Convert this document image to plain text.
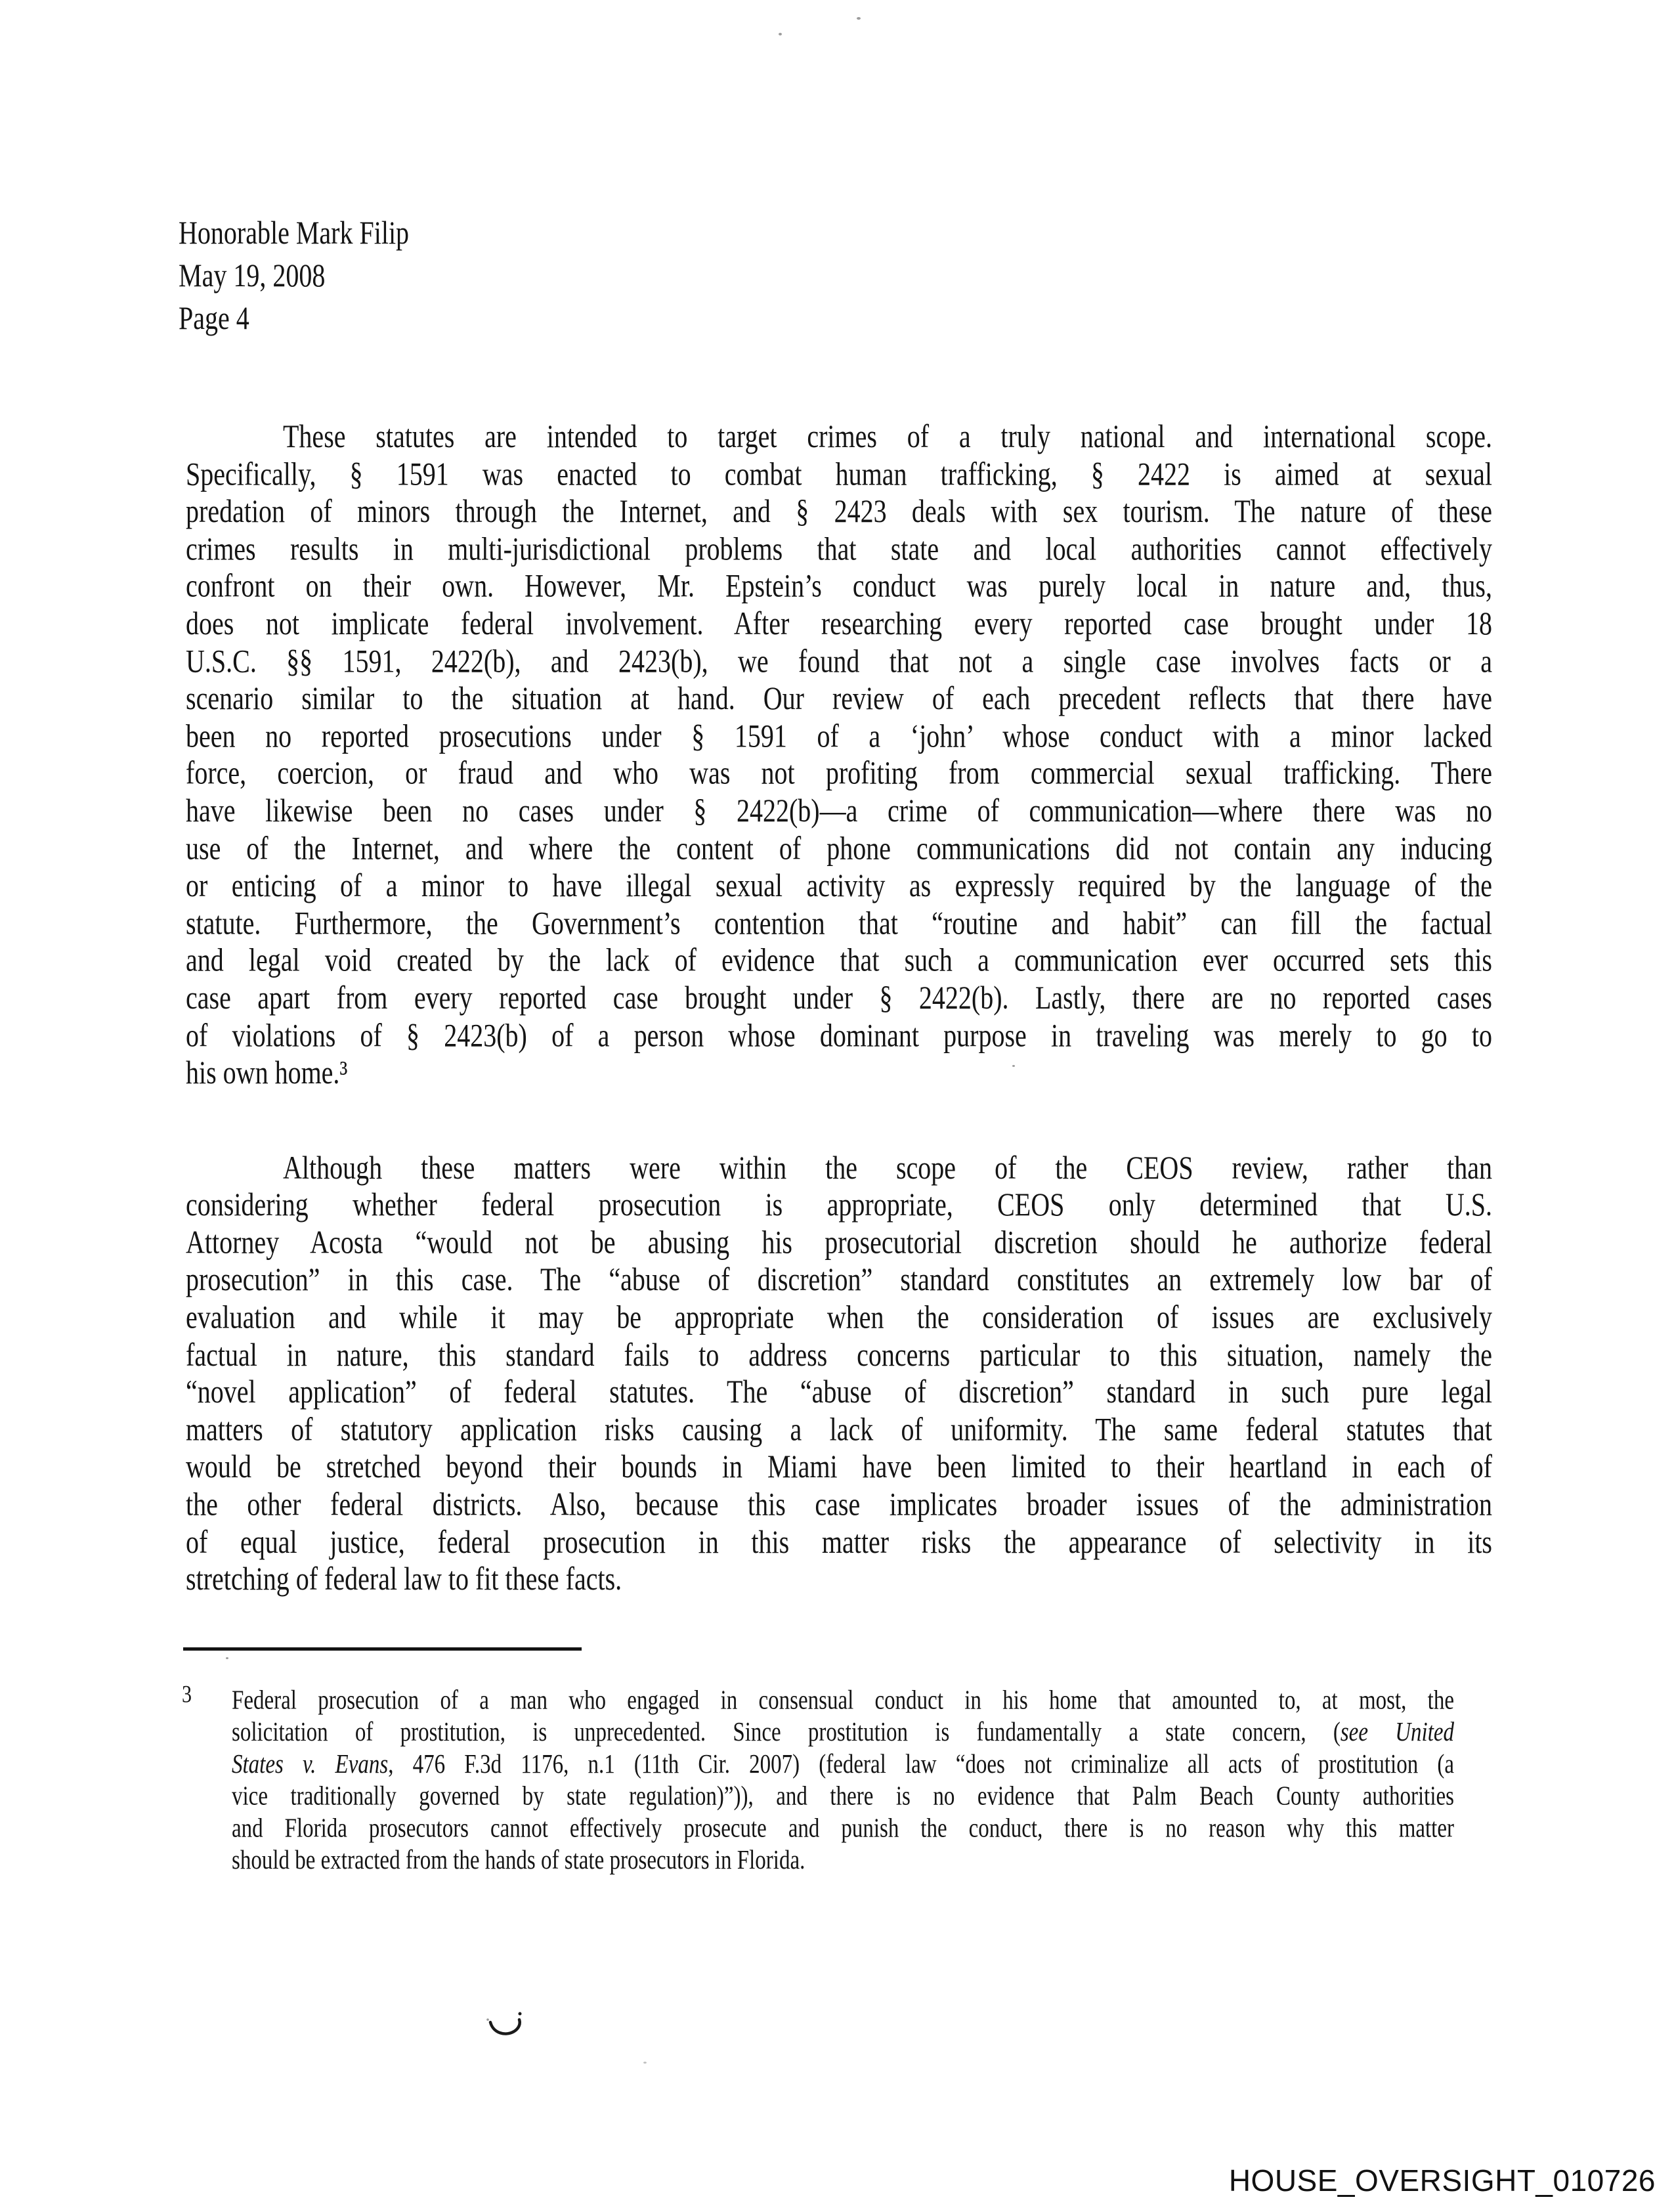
Honorable Mark Filip
May 19, 2008
Page 4
These statutes are intended to target crimes of a truly national and international scope.
Specifically, § 1591 was enacted to combat human trafficking, § 2422 is aimed at sexual
predation of minors through the Internet, and § 2423 deals with sex tourism. The nature of these
crimes results in multi-jurisdictional problems that state and local authorities cannot effectively
confront on their own. However, Mr. Epstein’s conduct was purely local in nature and, thus,
does not implicate federal involvement. After researching every reported case brought under 18
U.S.C. §§ 1591, 2422(b), and 2423(b), we found that not a single case involves facts or a
scenario similar to the situation at hand. Our review of each precedent reflects that there have
been no reported prosecutions under § 1591 of a ‘john’ whose conduct with a minor lacked
force, coercion, or fraud and who was not profiting from commercial sexual trafficking. There
have likewise been no cases under § 2422(b)—a crime of communication—where there was no
use of the Internet, and where the content of phone communications did not contain any inducing
or enticing of a minor to have illegal sexual activity as expressly required by the language of the
statute. Furthermore, the Government’s contention that “routine and habit” can fill the factual
and legal void created by the lack of evidence that such a communication ever occurred sets this
case apart from every reported case brought under § 2422(b). Lastly, there are no reported cases
of violations of § 2423(b) of a person whose dominant purpose in traveling was merely to go to
his own home.³
Although these matters were within the scope of the CEOS review, rather than
considering whether federal prosecution is appropriate, CEOS only determined that U.S.
Attorney Acosta “would not be abusing his prosecutorial discretion should he authorize federal
prosecution” in this case. The “abuse of discretion” standard constitutes an extremely low bar of
evaluation and while it may be appropriate when the consideration of issues are exclusively
factual in nature, this standard fails to address concerns particular to this situation, namely the
“novel application” of federal statutes. The “abuse of discretion” standard in such pure legal
matters of statutory application risks causing a lack of uniformity. The same federal statutes that
would be stretched beyond their bounds in Miami have been limited to their heartland in each of
the other federal districts. Also, because this case implicates broader issues of the administration
of equal justice, federal prosecution in this matter risks the appearance of selectivity in its
stretching of federal law to fit these facts.
3 Federal prosecution of a man who engaged in consensual conduct in his home that amounted to, at most, the
solicitation of prostitution, is unprecedented. Since prostitution is fundamentally a state concern, (see United
States v. Evans, 476 F.3d 1176, n.1 (11th Cir. 2007) (federal law “does not criminalize all acts of prostitution (a
vice traditionally governed by state regulation)”)), and there is no evidence that Palm Beach County authorities
and Florida prosecutors cannot effectively prosecute and punish the conduct, there is no reason why this matter
should be extracted from the hands of state prosecutors in Florida.
HOUSE_OVERSIGHT_010726
